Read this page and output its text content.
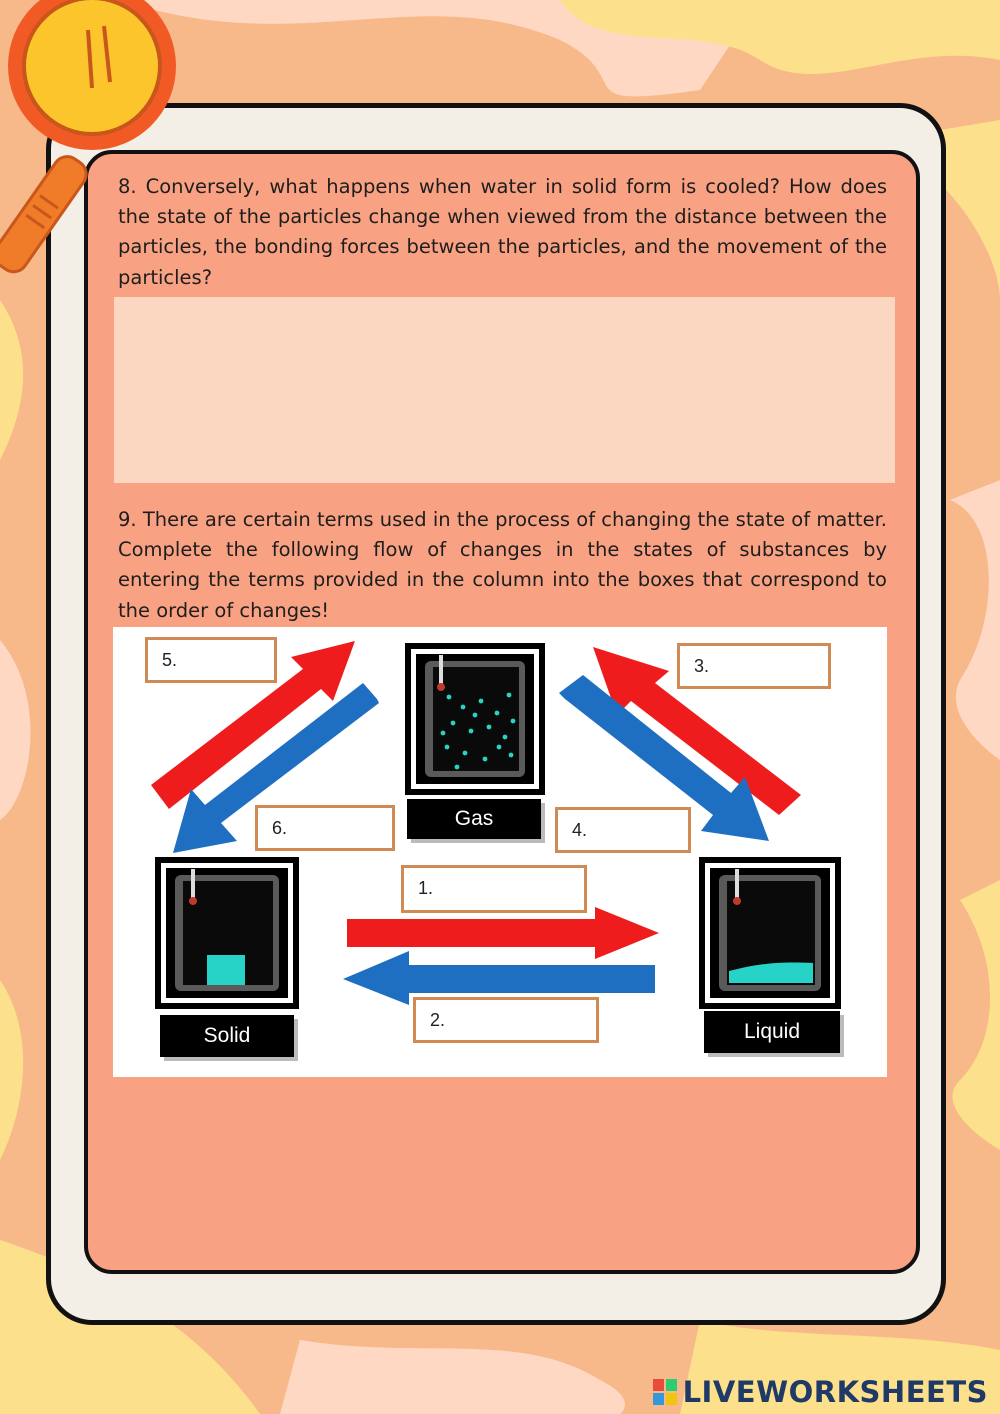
8. Conversely, what happens when water in solid form is cooled? How does the state of the particles change when viewed from the distance between the particles, the bonding forces between the particles, and the movement of the particles?

9. There are certain terms used in the process of changing the state of matter. Complete the following flow of changes in the states of substances by entering the terms provided in the column into the boxes that correspond to the order of changes!

Gas
Solid	Liquid
5.	3.
6.	4.
1.
2.
LIVEWORKSHEETS
